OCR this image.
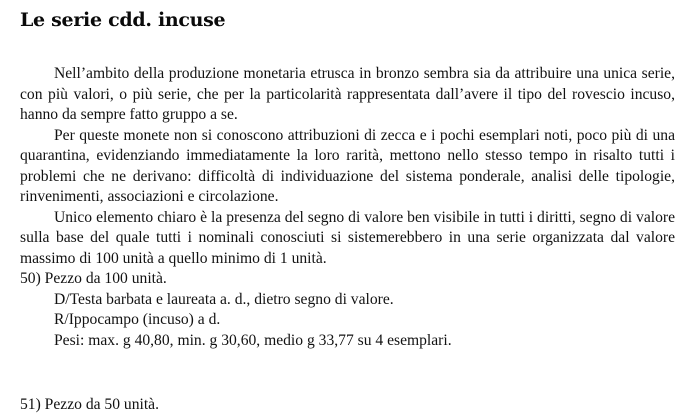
Le serie cdd. incuse

Nell’ambito della produzione monetaria etrusca in bronzo sembra sia da attribuire una unica serie, con più valori, o più serie, che per la particolarità rappresentata dall’avere il tipo del rovescio incuso, hanno da sempre fatto gruppo a se.

Per queste monete non si conoscono attribuzioni di zecca e i pochi esemplari noti, poco più di una quarantina, evidenziando immediatamente la loro rarità, mettono nello stesso tempo in risalto tutti i problemi che ne derivano: difficoltà di individuazione del sistema ponderale, analisi delle tipologie, rinvenimenti, associazioni e circolazione.

Unico elemento chiaro è la presenza del segno di valore ben visibile in tutti i diritti, segno di valore sulla base del quale tutti i nominali conosciuti si sistemerebbero in una serie organizzata dal valore massimo di 100 unità a quello minimo di 1 unità.

50) Pezzo da 100 unità.

D/Testa barbata e laureata a. d., dietro segno di valore.

R/Ippocampo (incuso) a d.

Pesi: max. g 40,80, min. g 30,60, medio g 33,77 su 4 esemplari.

51) Pezzo da 50 unità.
